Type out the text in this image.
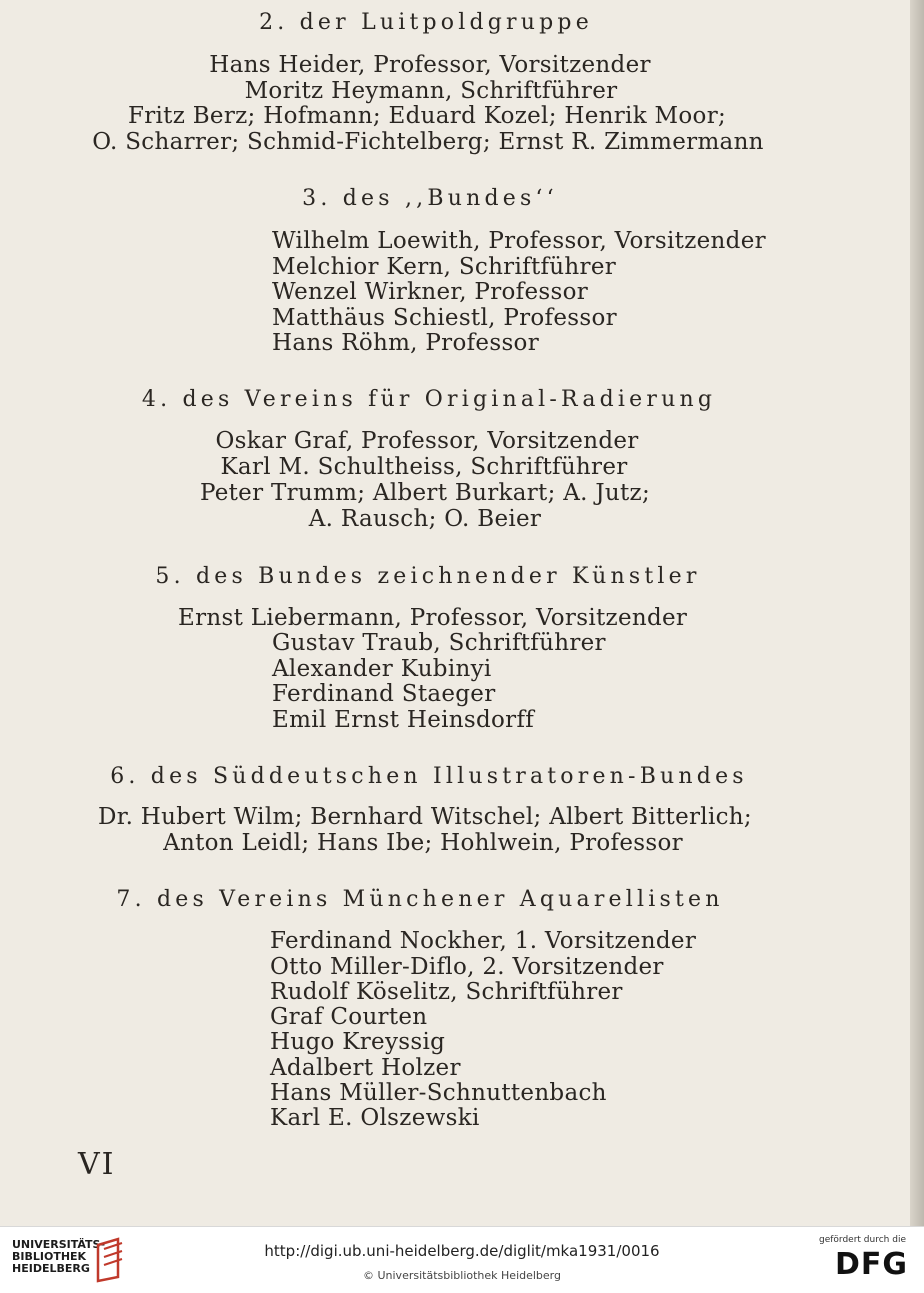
2. der Luitpoldgruppe
Hans Heider, Professor, Vorsitzender
Moritz Heymann, Schriftführer
Fritz Berz; Hofmann; Eduard Kozel; Henrik Moor;
O. Scharrer; Schmid-Fichtelberg; Ernst R. Zimmermann
3. des ,,Bundes‘‘
Wilhelm Loewith, Professor, Vorsitzender
Melchior Kern, Schriftführer
Wenzel Wirkner, Professor
Matthäus Schiestl, Professor
Hans Röhm, Professor
4. des Vereins für Original-Radierung
Oskar Graf, Professor, Vorsitzender
Karl M. Schultheiss, Schriftführer
Peter Trumm; Albert Burkart; A. Jutz;
A. Rausch; O. Beier
5. des Bundes zeichnender Künstler
Ernst Liebermann, Professor, Vorsitzender
Gustav Traub, Schriftführer
Alexander Kubinyi
Ferdinand Staeger
Emil Ernst Heinsdorff
6. des Süddeutschen Illustratoren-Bundes
Dr. Hubert Wilm; Bernhard Witschel; Albert Bitterlich;
Anton Leidl; Hans Ibe; Hohlwein, Professor
7. des Vereins Münchener Aquarellisten
Ferdinand Nockher, 1. Vorsitzender
Otto Miller-Diflo, 2. Vorsitzender
Rudolf Köselitz, Schriftführer
Graf Courten
Hugo Kreyssig
Adalbert Holzer
Hans Müller-Schnuttenbach
Karl E. Olszewski
VI
UNIVERSITÄTS-
BIBLIOTHEK
HEIDELBERG
http://digi.ub.uni-heidelberg.de/diglit/mka1931/0016
© Universitätsbibliothek Heidelberg
gefördert durch die
DFG
